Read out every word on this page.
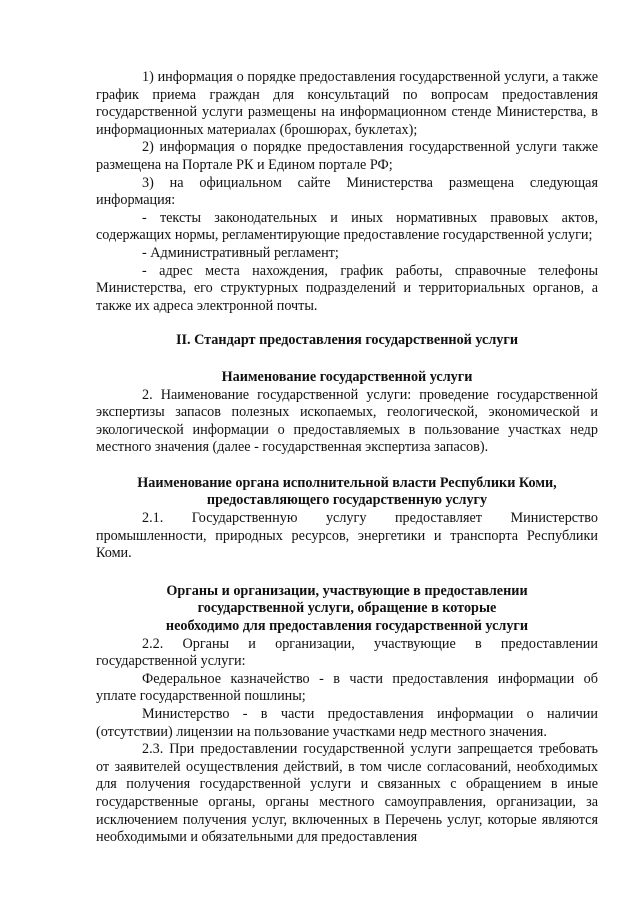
1) информация о порядке предоставления государственной услуги, а также график приема граждан для консультаций по вопросам предоставления государственной услуги размещены на информационном стенде Министерства, в информационных материалах (брошюрах, буклетах);

2) информация о порядке предоставления государственной услуги также размещена на Портале РК и Едином портале РФ;

3) на официальном сайте Министерства размещена следующая информация:

- тексты законодательных и иных нормативных правовых актов, содержащих нормы, регламентирующие предоставление государственной услуги;

- Административный регламент;

- адрес места нахождения, график работы, справочные телефоны Министерства, его структурных подразделений и территориальных органов, а также их адреса электронной почты.

II. Стандарт предоставления государственной услуги

Наименование государственной услуги

2. Наименование государственной услуги: проведение государственной экспертизы запасов полезных ископаемых, геологической, экономической и экологической информации о предоставляемых в пользование участках недр местного значения (далее - государственная экспертиза запасов).

Наименование органа исполнительной власти Республики Коми,

предоставляющего государственную услугу

2.1. Государственную услугу предоставляет Министерство промышленности, природных ресурсов, энергетики и транспорта Республики Коми.

Органы и организации, участвующие в предоставлении

государственной услуги, обращение в которые

необходимо для предоставления государственной услуги

2.2. Органы и организации, участвующие в предоставлении государственной услуги:

Федеральное казначейство - в части предоставления информации об уплате государственной пошлины;

Министерство - в части предоставления информации о наличии (отсутствии) лицензии на пользование участками недр местного значения.

2.3. При предоставлении государственной услуги запрещается требовать от заявителей осуществления действий, в том числе согласований, необходимых для получения государственной услуги и связанных с обращением в иные государственные органы, органы местного самоуправления, организации, за исключением получения услуг, включенных в Перечень услуг, которые являются необходимыми и обязательными для предоставления
